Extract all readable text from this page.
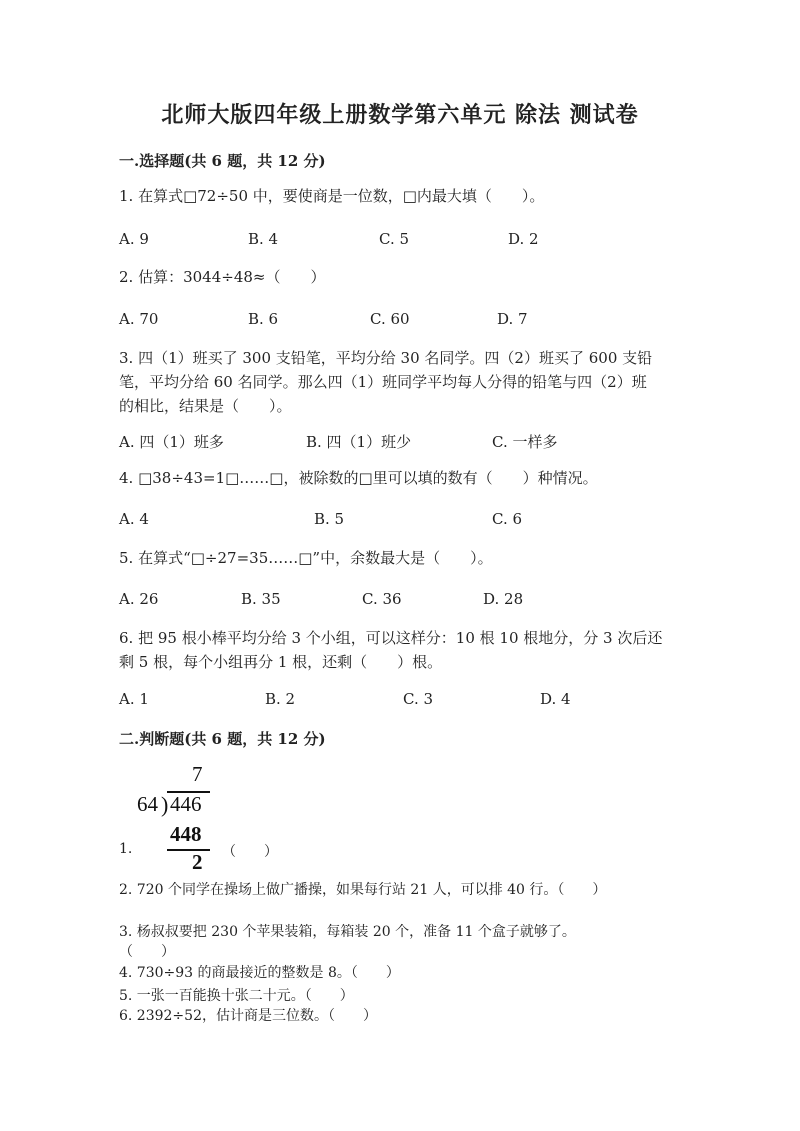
北师大版四年级上册数学第六单元 除法 测试卷
一.选择题(共 6 题，共 12 分)
1. 在算式□72÷50 中，要使商是一位数，□内最大填（　　）。
A. 9	B. 4	C. 5	D. 2
2. 估算：3044÷48≈（　　）
A. 70	B. 6	C. 60	D. 7
3. 四（1）班买了 300 支铅笔，平均分给 30 名同学。四（2）班买了 600 支铅
笔，平均分给 60 名同学。那么四（1）班同学平均每人分得的铅笔与四（2）班
的相比，结果是（　　）。
A. 四（1）班多	B. 四（1）班少	C. 一样多
4. □38÷43=1□……□，被除数的□里可以填的数有（　　）种情况。
A. 4	B. 5	C. 6
5. 在算式“□÷27=35……□”中，余数最大是（　　）。
A. 26	B. 35	C. 36	D. 28
6. 把 95 根小棒平均分给 3 个小组，可以这样分：10 根 10 根地分，分 3 次后还
剩 5 根，每个小组再分 1 根，还剩（　　）根。
A. 1	B. 2	C. 3	D. 4
二.判断题(共 6 题，共 12 分)
7
64 ) 446
448
2
1.	（　　）
2. 720 个同学在操场上做广播操，如果每行站 21 人，可以排 40 行。（　　）
3. 杨叔叔要把 230 个苹果装箱，每箱装 20 个，准备 11 个盒子就够了。
（　　）
4. 730÷93 的商最接近的整数是 8。（　　）
5. 一张一百能换十张二十元。（　　）
6. 2392÷52，估计商是三位数。（　　）
